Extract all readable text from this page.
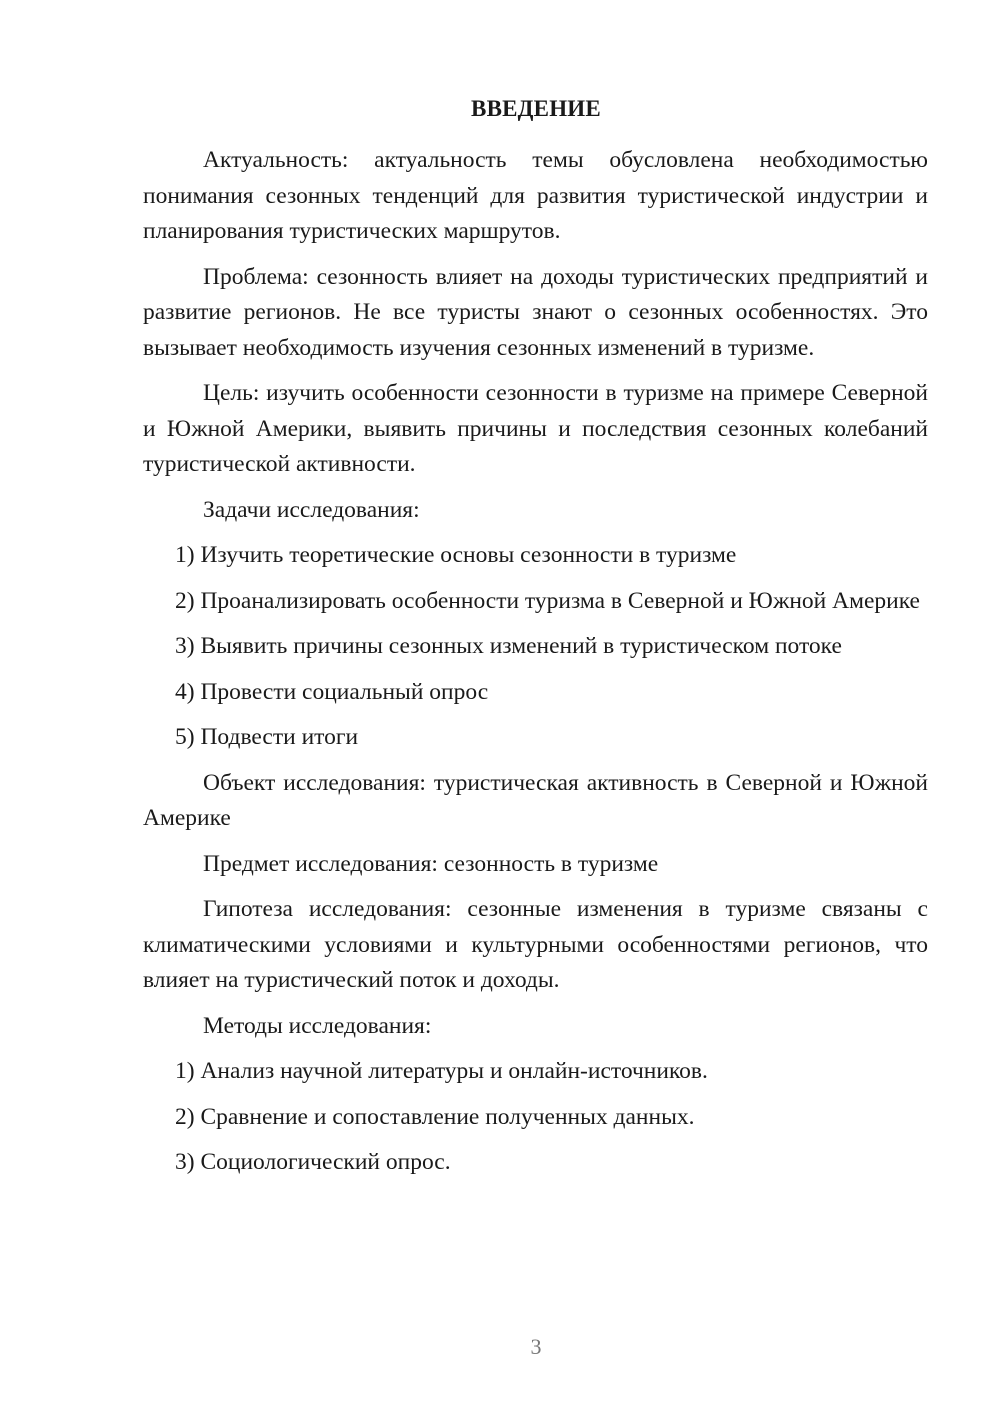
ВВЕДЕНИЕ

Актуальность: актуальность темы обусловлена необходимостью понимания сезонных тенденций для развития туристической индустрии и планирования туристических маршрутов.

Проблема: сезонность влияет на доходы туристических предприятий и развитие регионов. Не все туристы знают о сезонных особенностях. Это вызывает необходимость изучения сезонных изменений в туризме.

Цель: изучить особенности сезонности в туризме на примере Северной и Южной Америки, выявить причины и последствия сезонных колебаний туристической активности.

Задачи исследования:

1) Изучить теоретические основы сезонности в туризме

2) Проанализировать особенности туризма в Северной и Южной Америке

3) Выявить причины сезонных изменений в туристическом потоке

4) Провести социальный опрос

5) Подвести итоги

Объект исследования: туристическая активность в Северной и Южной Америке

Предмет исследования: сезонность в туризме

Гипотеза исследования: сезонные изменения в туризме связаны с климатическими условиями и культурными особенностями регионов, что влияет на туристический поток и доходы.

Методы исследования:

1) Анализ научной литературы и онлайн-источников.

2) Сравнение и сопоставление полученных данных.

3) Социологический опрос.

3
